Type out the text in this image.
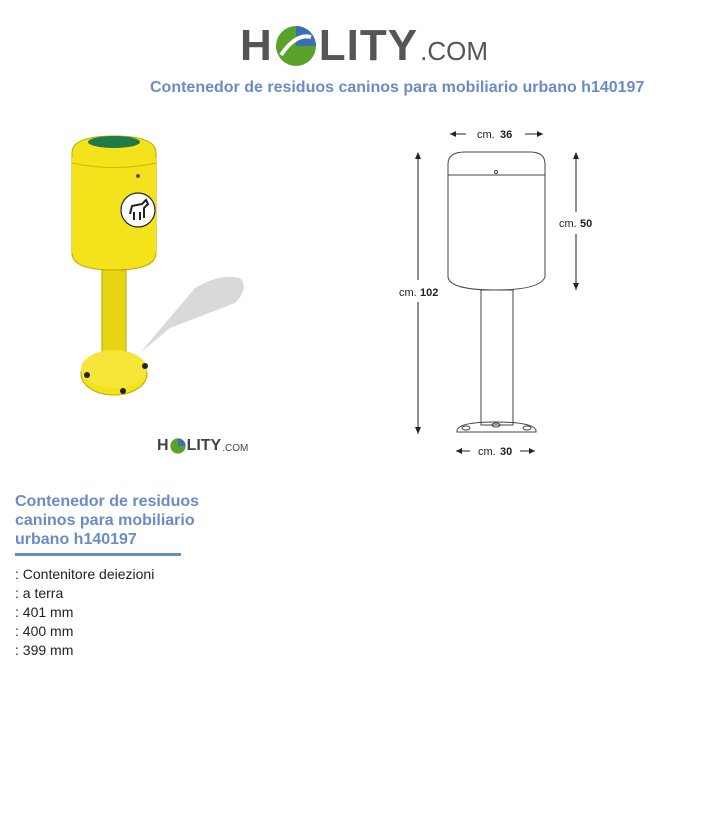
H LITY .COM
Contenedor de residuos caninos para mobiliario urbano h140197
H LITY .COM
cm. 36
cm. 50
cm. 102
cm. 30
Contenedor de residuos caninos para mobiliario urbano h140197
: Contenitore deiezioni
: a terra
: 401 mm
: 400 mm
: 399 mm
